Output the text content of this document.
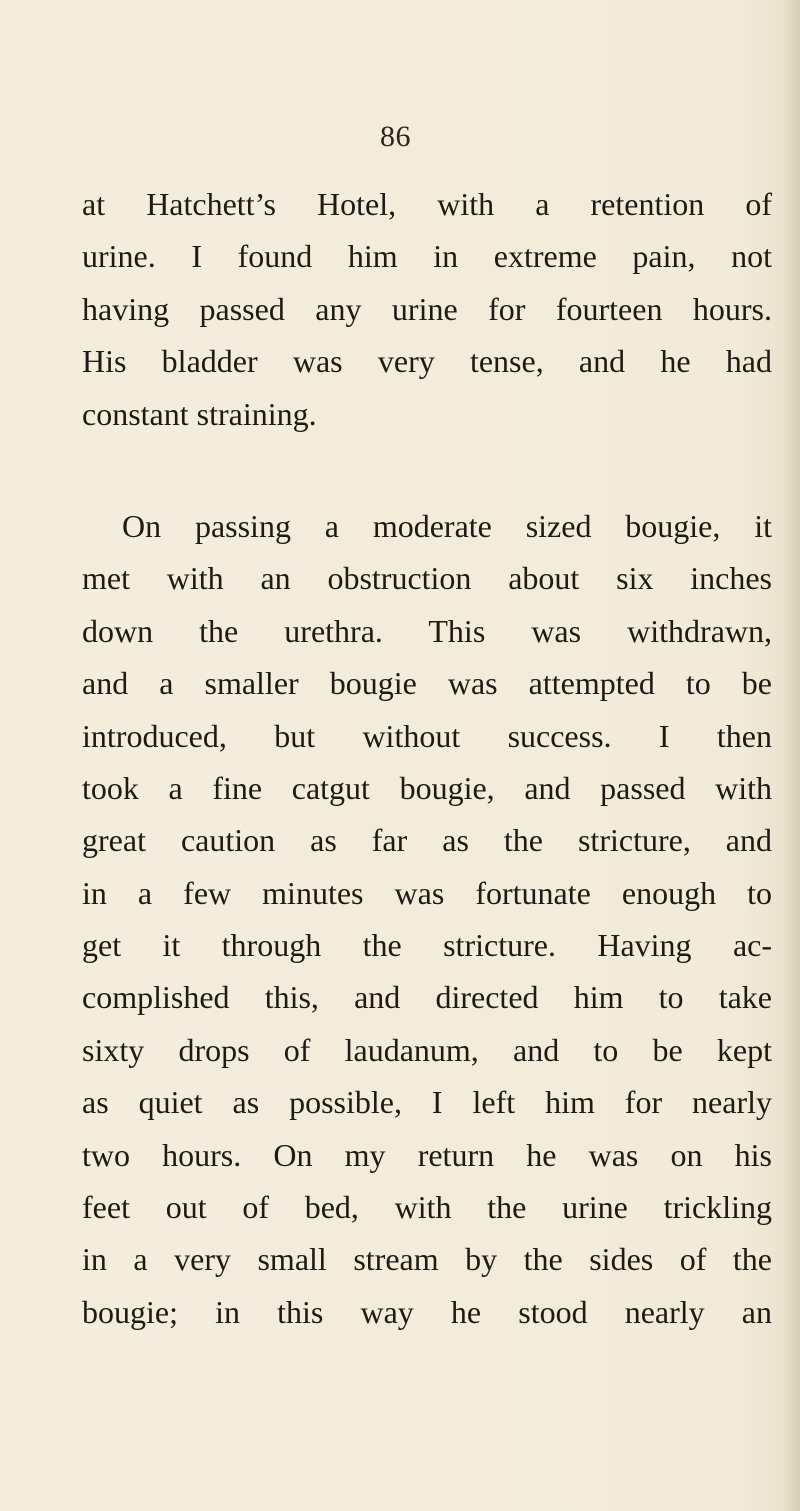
86
at Hatchett’s Hotel, with a retention of
urine. I found him in extreme pain, not
having passed any urine for fourteen hours.
His bladder was very tense, and he had
constant straining.
On passing a moderate sized bougie, it
met with an obstruction about six inches
down the urethra. This was withdrawn,
and a smaller bougie was attempted to be
introduced, but without success. I then
took a fine catgut bougie, and passed with
great caution as far as the stricture, and
in a few minutes was fortunate enough to
get it through the stricture. Having ac-
complished this, and directed him to take
sixty drops of laudanum, and to be kept
as quiet as possible, I left him for nearly
two hours. On my return he was on his
feet out of bed, with the urine trickling
in a very small stream by the sides of the
bougie; in this way he stood nearly an
